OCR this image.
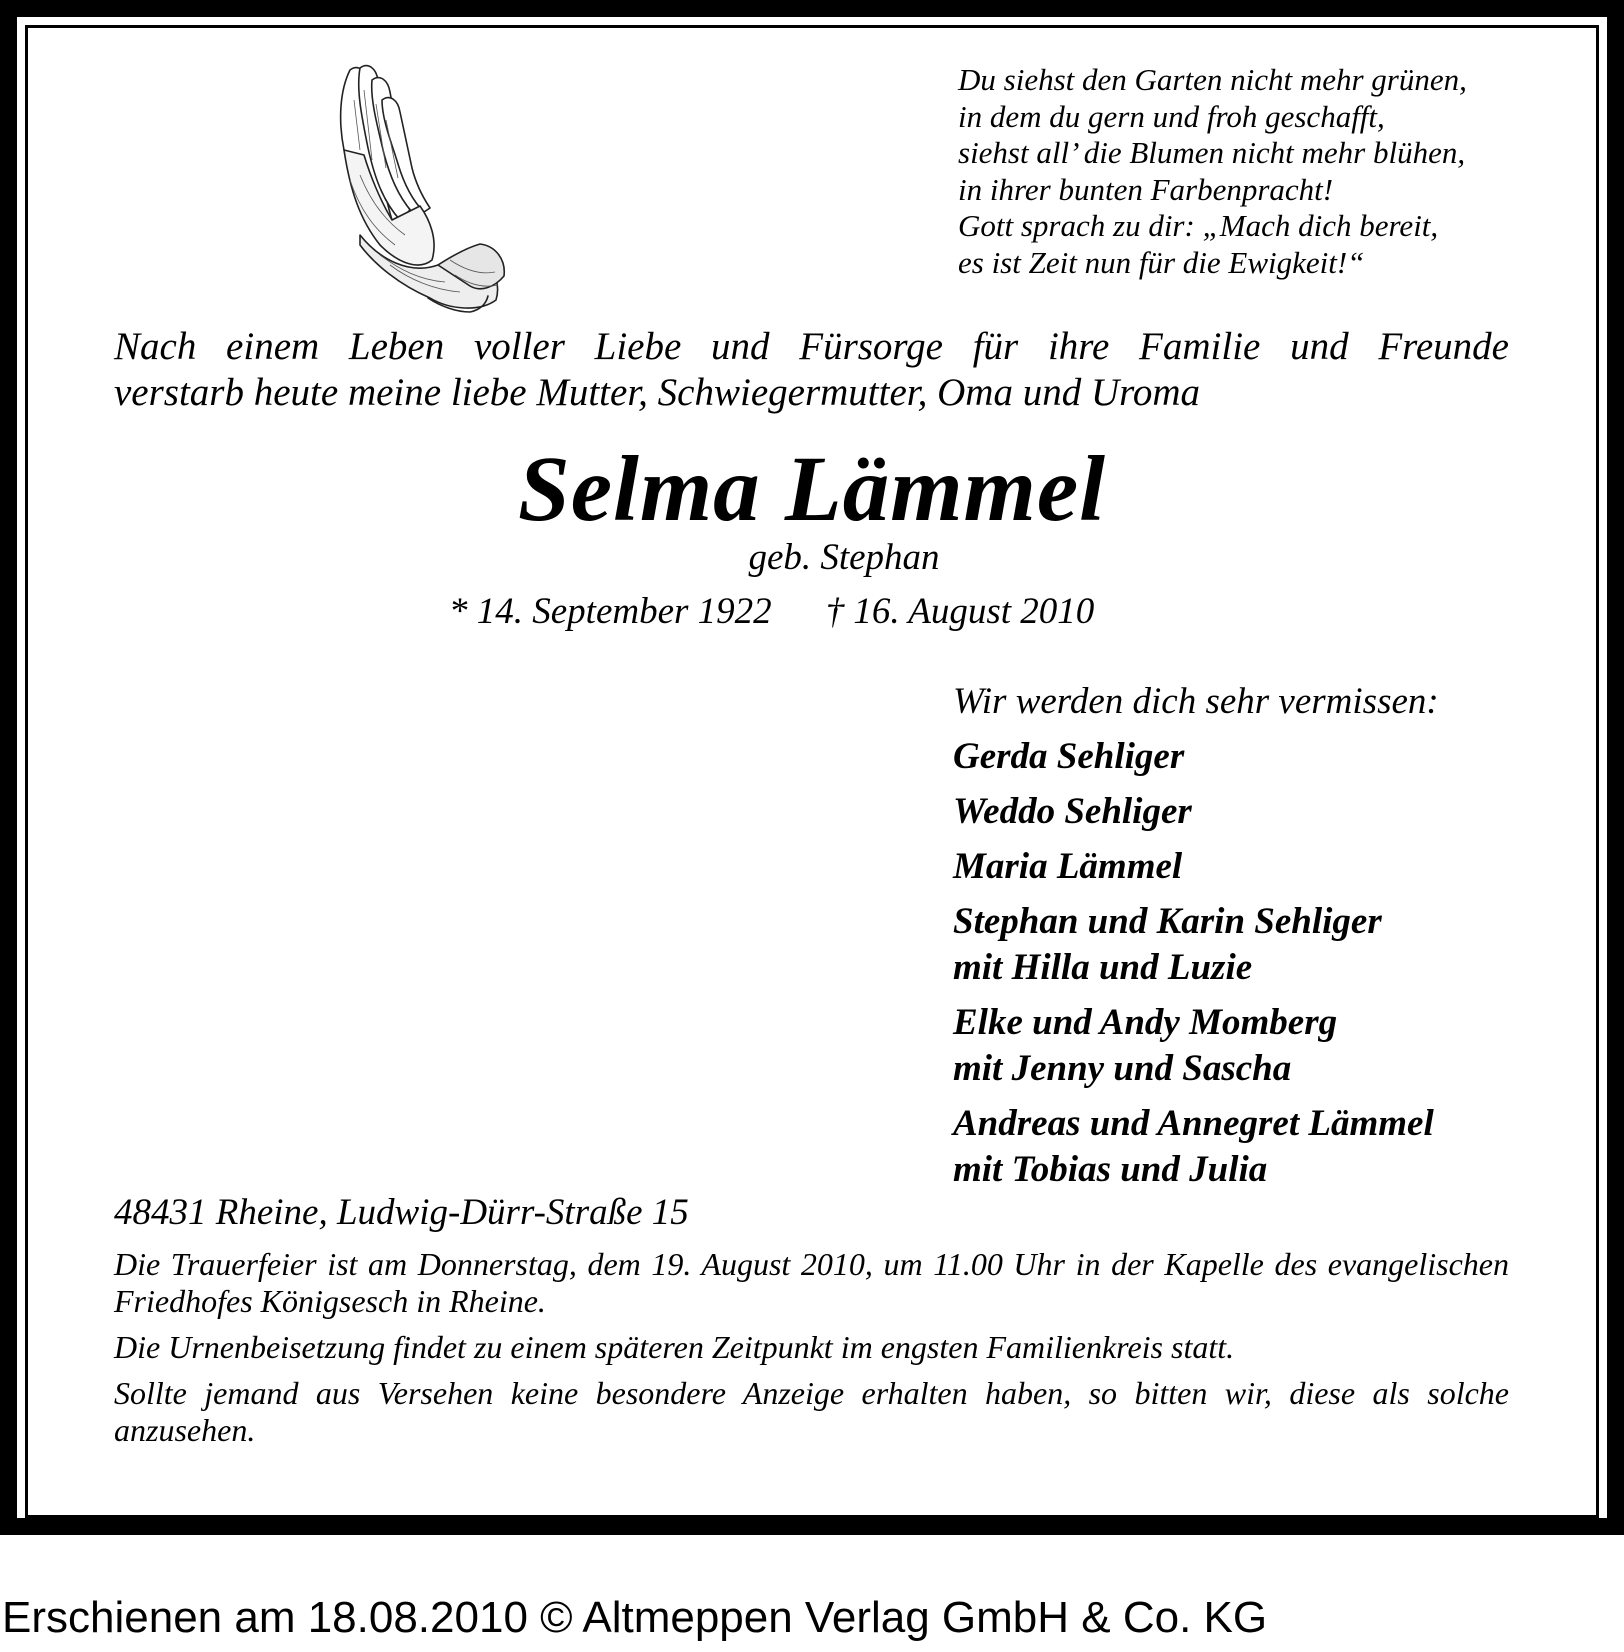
Du siehst den Garten nicht mehr grünen,
in dem du gern und froh geschafft,
siehst all’ die Blumen nicht mehr blühen,
in ihrer bunten Farbenpracht!
Gott sprach zu dir: „Mach dich bereit,
es ist Zeit nun für die Ewigkeit!“
Nach einem Leben voller Liebe und Fürsorge für ihre Familie und Freunde
verstarb heute meine liebe Mutter, Schwiegermutter, Oma und Uroma
Selma Lämmel
geb. Stephan
* 14. September 1922 † 16. August 2010
Wir werden dich sehr vermissen:
Gerda Sehliger
Weddo Sehliger
Maria Lämmel
Stephan und Karin Sehliger
mit Hilla und Luzie
Elke und Andy Momberg
mit Jenny und Sascha
Andreas und Annegret Lämmel
mit Tobias und Julia
48431 Rheine, Ludwig-Dürr-Straße 15

Die Trauerfeier ist am Donnerstag, dem 19. August 2010, um 11.00 Uhr in der Kapelle des evangelischen Friedhofes Königsesch in Rheine.

Die Urnenbeisetzung findet zu einem späteren Zeitpunkt im engsten Familienkreis statt.

Sollte jemand aus Versehen keine besondere Anzeige erhalten haben, so bitten wir, diese als solche anzusehen.

Erschienen am 18.08.2010 © Altmeppen Verlag GmbH & Co. KG
